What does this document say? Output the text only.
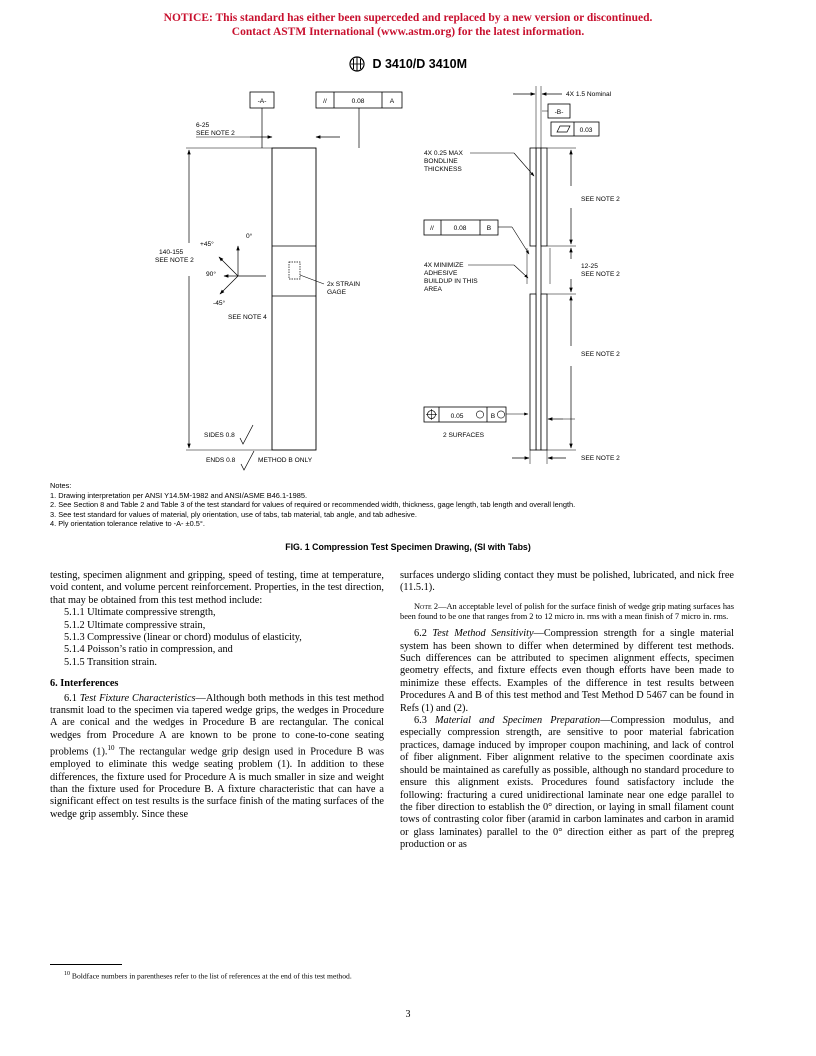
NOTICE: This standard has either been superceded and replaced by a new version or discontinued.
Contact ASTM International (www.astm.org) for the latest information.
D 3410/D 3410M
-A-	//	0.08	A
6-25
SEE NOTE 2
2x STRAIN
GAGE
140-155
SEE NOTE 2
0°
+45°
90°
-45°
SEE NOTE 4
SIDES 0.8
ENDS 0.8	METHOD B ONLY
4X 1.5 Nominal
-B-
0.03
4X 0.25 MAX
BONDLINE
THICKNESS
//	0.08	B
4X MINIMIZE
ADHESIVE
BUILDUP IN THIS
AREA
SEE NOTE 2
12-25
SEE NOTE 2
SEE NOTE 2
0.05	B
2 SURFACES
SEE NOTE 2
Notes:
1. Drawing interpretation per ANSI Y14.5M-1982 and ANSI/ASME B46.1-1985.
2. See Section 8 and Table 2 and Table 3 of the test standard for values of required or recommended width, thickness, gage length, tab length and overall length.
3. See test standard for values of material, ply orientation, use of tabs, tab material, tab angle, and tab adhesive.
4. Ply orientation tolerance relative to -A- ±0.5°.
FIG. 1 Compression Test Specimen Drawing, (SI with Tabs)

testing, specimen alignment and gripping, speed of testing, time at temperature, void content, and volume percent reinforcement. Properties, in the test direction, that may be obtained from this test method include:

5.1.1 Ultimate compressive strength,

5.1.2 Ultimate compressive strain,

5.1.3 Compressive (linear or chord) modulus of elasticity,

5.1.4 Poisson’s ratio in compression, and

5.1.5 Transition strain.

6. Interferences

6.1 Test Fixture Characteristics—Although both methods in this test method transmit load to the specimen via tapered wedge grips, the wedges in Procedure A are conical and the wedges in Procedure B are rectangular. The conical wedges from Procedure A are known to be prone to cone-to-cone seating problems (1).$^{10}$ The rectangular wedge grip design used in Procedure B was employed to eliminate this wedge seating problem (1). In addition to these differences, the fixture used for Procedure A is much smaller in size and weight than the fixture used for Procedure B. A fixture characteristic that can have a significant effect on test results is the surface finish of the mating surfaces of the wedge grip assembly. Since these

surfaces undergo sliding contact they must be polished, lubricated, and nick free (11.5.1).

Note 2—An acceptable level of polish for the surface finish of wedge grip mating surfaces has been found to be one that ranges from 2 to 12 micro in. rms with a mean finish of 7 micro in. rms.

6.2 Test Method Sensitivity—Compression strength for a single material system has been shown to differ when determined by different test methods. Such differences can be attributed to specimen alignment effects, specimen geometry effects, and fixture effects even though efforts have been made to minimize these effects. Examples of the difference in test results between Procedures A and B of this test method and Test Method D 5467 can be found in Refs (1) and (2).

6.3 Material and Specimen Preparation—Compression modulus, and especially compression strength, are sensitive to poor material fabrication practices, damage induced by improper coupon machining, and lack of control of fiber alignment. Fiber alignment relative to the specimen coordinate axis should be maintained as carefully as possible, although no standard procedure to ensure this alignment exists. Procedures found satisfactory include the following: fracturing a cured unidirectional laminate near one edge parallel to the fiber direction to establish the 0° direction, or laying in small filament count tows of contrasting color fiber (aramid in carbon laminates and carbon in aramid or glass laminates) parallel to the 0° direction either as part of the prepreg production or as

$^{10}$ Boldface numbers in parentheses refer to the list of references at the end of this test method.
3
